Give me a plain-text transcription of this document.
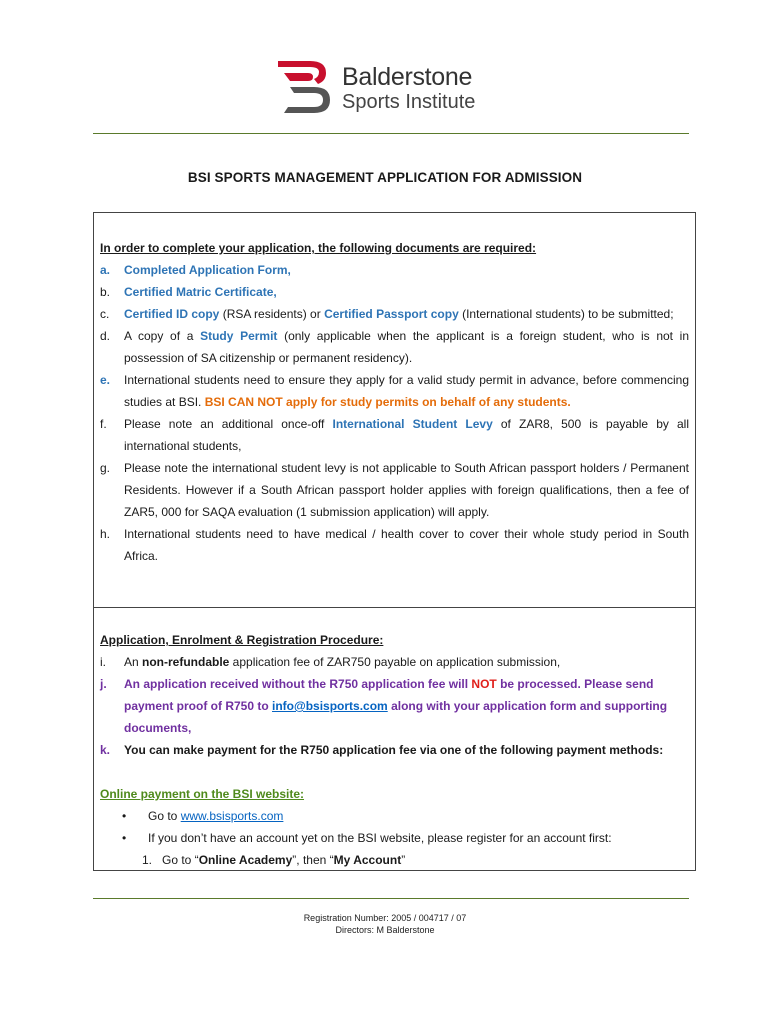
Balderstone
Sports Institute
BSI SPORTS MANAGEMENT APPLICATION FOR ADMISSION
In order to complete your application, the following documents are required:
a.	Completed Application Form,
b.	Certified Matric Certificate,
c.	Certified ID copy (RSA residents) or Certified Passport copy (International students) to be submitted;
d.	A copy of a Study Permit (only applicable when the applicant is a foreign student, who is not in possession of SA citizenship or permanent residency).
e.	International students need to ensure they apply for a valid study permit in advance, before commencing studies at BSI. BSI CAN NOT apply for study permits on behalf of any students.
f.	Please note an additional once-off International Student Levy of ZAR8, 500 is payable by all international students,
g.	Please note the international student levy is not applicable to South African passport holders / Permanent Residents. However if a South African passport holder applies with foreign qualifications, then a fee of ZAR5, 000 for SAQA evaluation (1 submission application) will apply.
h.	International students need to have medical / health cover to cover their whole study period in South Africa.
Application, Enrolment & Registration Procedure:
i.	An non-refundable application fee of ZAR750 payable on application submission,
j.	An application received without the R750 application fee will NOT be processed. Please send payment proof of R750 to info@bsisports.com along with your application form and supporting documents,
k.	You can make payment for the R750 application fee via one of the following payment methods:
Online payment on the BSI website:
•	Go to www.bsisports.com
•	If you don’t have an account yet on the BSI website, please register for an account first:
1. Go to “Online Academy”, then “My Account”
Registration Number: 2005 / 004717 / 07
Directors: M Balderstone
